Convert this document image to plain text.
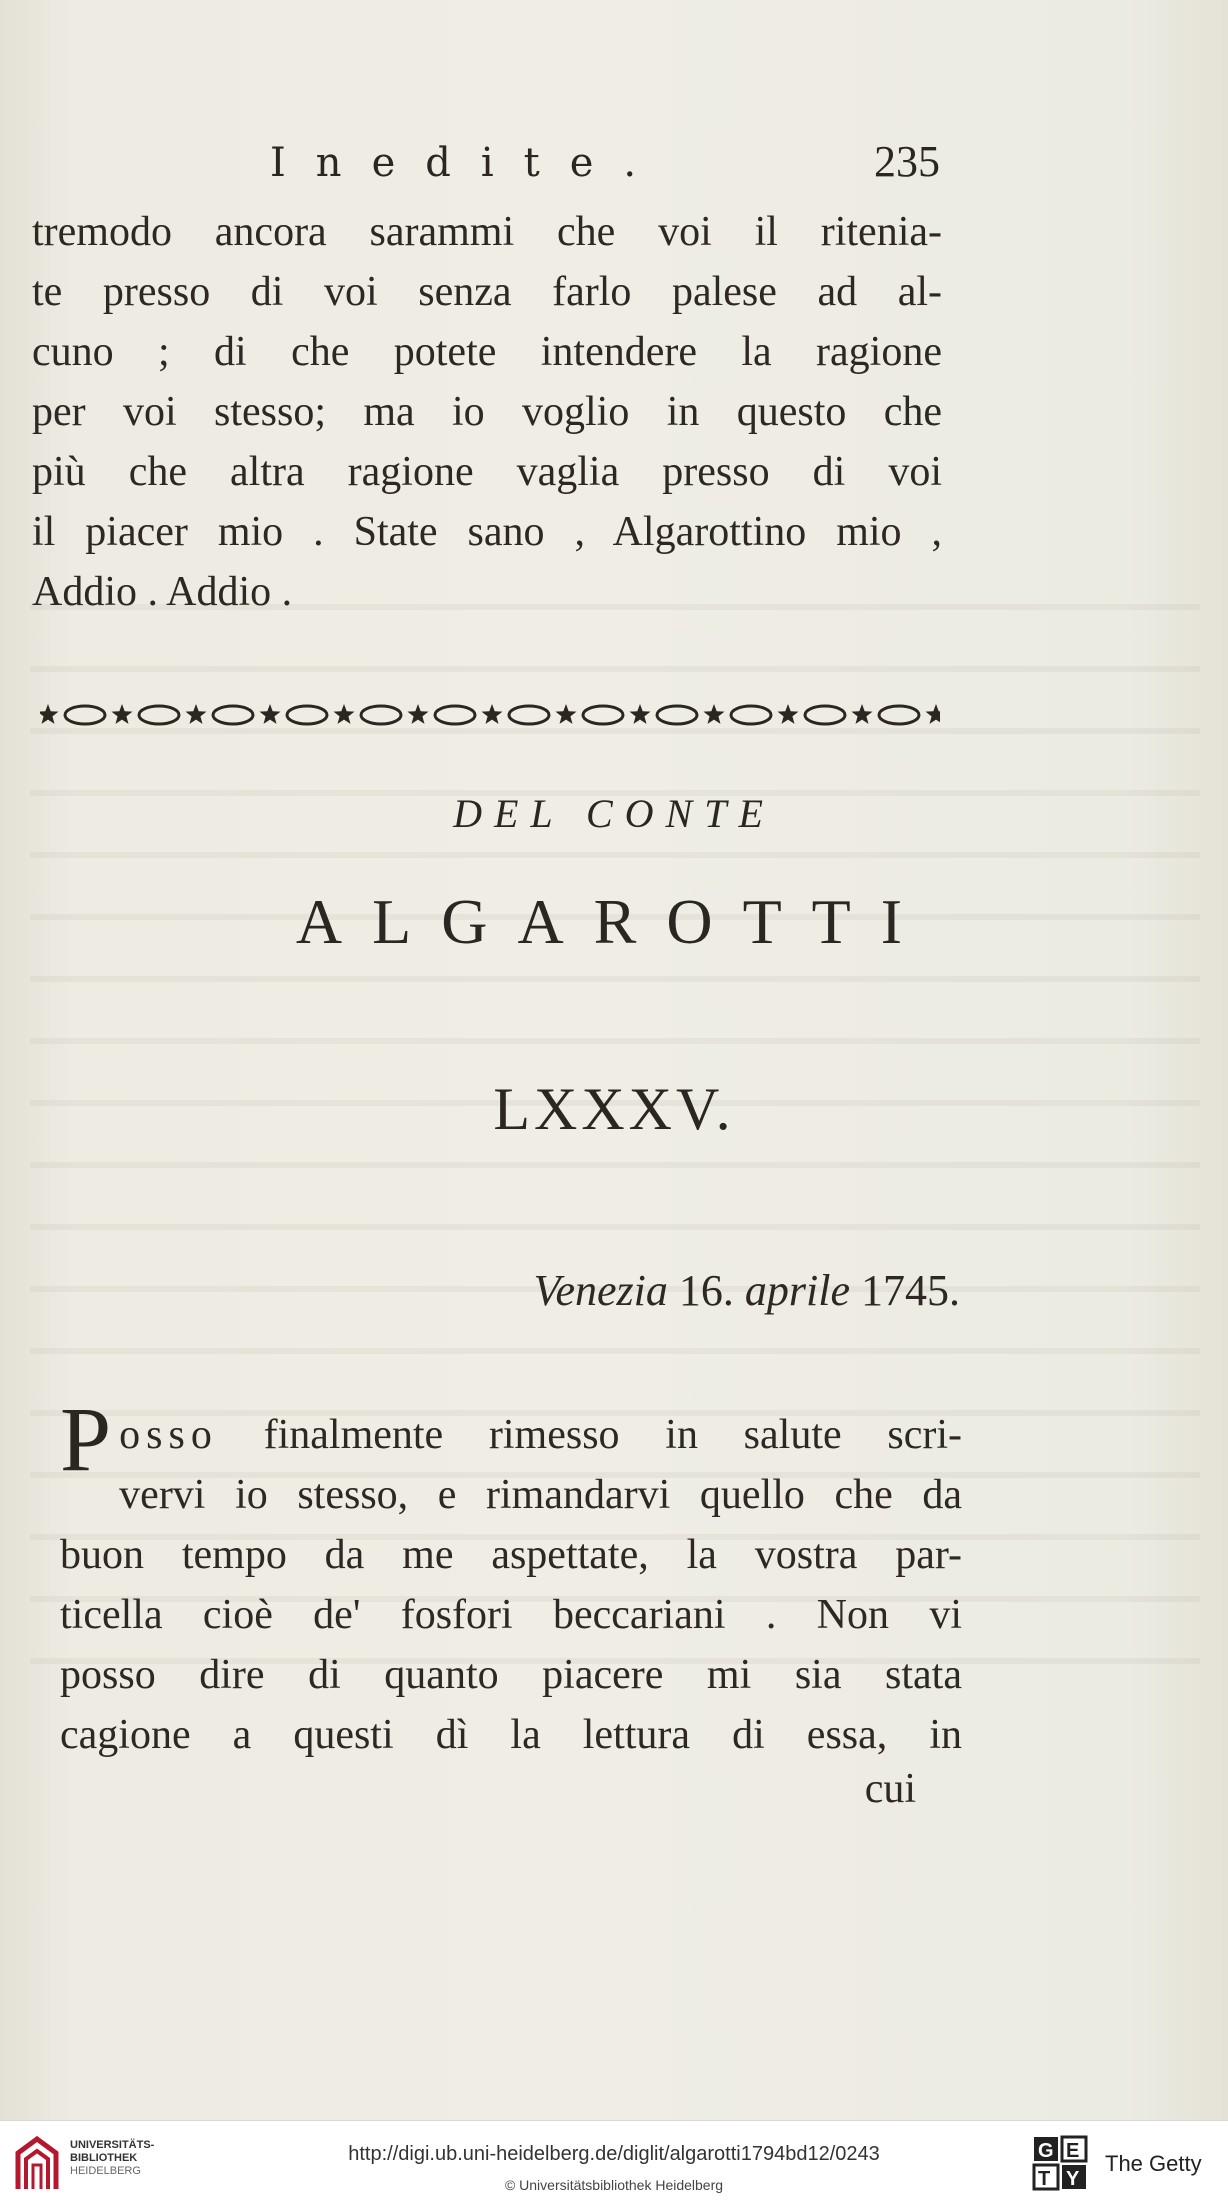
Inedite.	235
tremodo ancora sarammi che voi il ritenia-
te presso di voi senza farlo palese ad al-
cuno ; di che potete intendere la ragione
per voi stesso; ma io voglio in questo che
più che altra ragione vaglia presso di voi
il piacer mio . State sano , Algarottino mio ,
Addio . Addio .
DEL CONTE
ALGAROTTI
LXXXV.
Venezia 16. aprile 1745.
P osso finalmente rimesso in salute scri-
vervi io stesso, e rimandarvi quello che da
buon tempo da me aspettate, la vostra par-
ticella cioè de' fosfori beccariani . Non vi
posso dire di quanto piacere mi sia stata
cagione a questi dì la lettura di essa, in
cui
UNIVERSITÄTS-
BIBLIOTHEK
HEIDELBERG
http://digi.ub.uni-heidelberg.de/diglit/algarotti1794bd12/0243
© Universitätsbibliothek Heidelberg
G E
T Y
The Getty
